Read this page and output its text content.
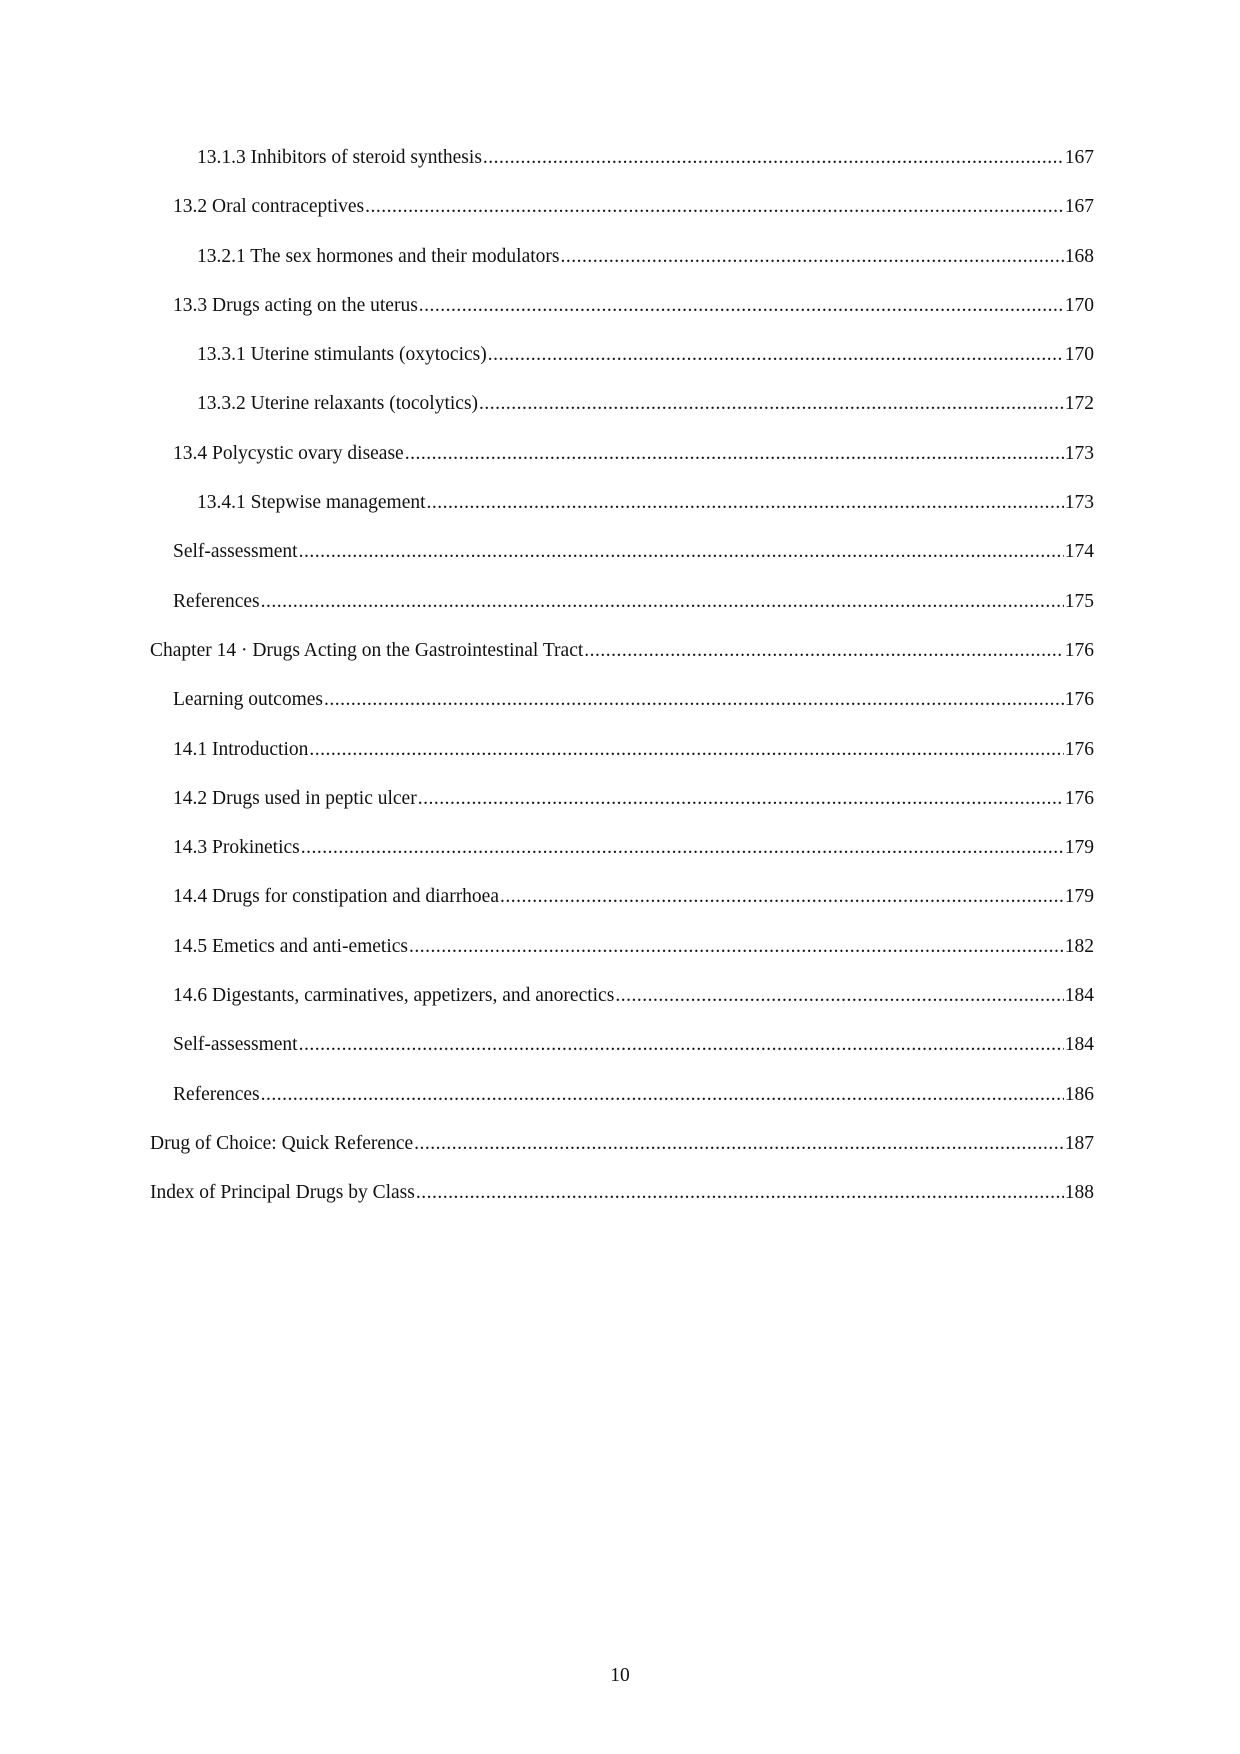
13.1.3 Inhibitors of steroid synthesis .....	167
13.2 Oral contraceptives .....	167
13.2.1 The sex hormones and their modulators .....	168
13.3 Drugs acting on the uterus .....	170
13.3.1 Uterine stimulants (oxytocics) .....	170
13.3.2 Uterine relaxants (tocolytics) .....	172
13.4 Polycystic ovary disease .....	173
13.4.1 Stepwise management .....	173
Self-assessment .....	174
References .....	175
Chapter 14 · Drugs Acting on the Gastrointestinal Tract .....	176
Learning outcomes .....	176
14.1 Introduction .....	176
14.2 Drugs used in peptic ulcer .....	176
14.3 Prokinetics .....	179
14.4 Drugs for constipation and diarrhoea .....	179
14.5 Emetics and anti-emetics .....	182
14.6 Digestants, carminatives, appetizers, and anorectics .....	184
Self-assessment .....	184
References .....	186
Drug of Choice: Quick Reference .....	187
Index of Principal Drugs by Class .....	188
10
